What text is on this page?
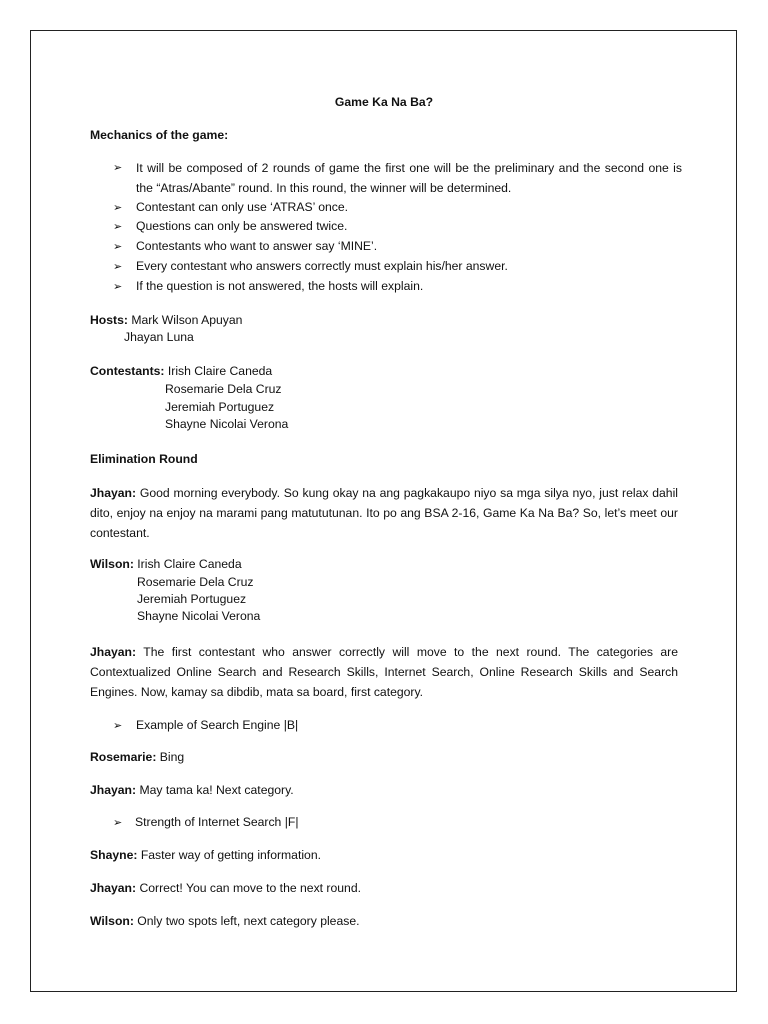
Game Ka Na Ba?
Mechanics of the game:
➢ It will be composed of 2 rounds of game the first one will be the preliminary and the second one is the “Atras/Abante” round. In this round, the winner will be determined.
➢ Contestant can only use ‘ATRAS’ once.
➢ Questions can only be answered twice.
➢ Contestants who want to answer say ‘MINE’.
➢ Every contestant who answers correctly must explain his/her answer.
➢ If the question is not answered, the hosts will explain.
Hosts: Mark Wilson Apuyan
Jhayan Luna
Contestants: Irish Claire Caneda
Rosemarie Dela Cruz
Jeremiah Portuguez
Shayne Nicolai Verona
Elimination Round
Jhayan: Good morning everybody. So kung okay na ang pagkakaupo niyo sa mga silya nyo, just relax dahil dito, enjoy na enjoy na marami pang matututunan. Ito po ang BSA 2-16, Game Ka Na Ba? So, let’s meet our contestant.
Wilson: Irish Claire Caneda
Rosemarie Dela Cruz
Jeremiah Portuguez
Shayne Nicolai Verona
Jhayan: The first contestant who answer correctly will move to the next round. The categories are Contextualized Online Search and Research Skills, Internet Search, Online Research Skills and Search Engines. Now, kamay sa dibdib, mata sa board, first category.
➢ Example of Search Engine |B|
Rosemarie: Bing
Jhayan: May tama ka! Next category.
➢ Strength of Internet Search |F|
Shayne: Faster way of getting information.
Jhayan: Correct! You can move to the next round.
Wilson: Only two spots left, next category please.
